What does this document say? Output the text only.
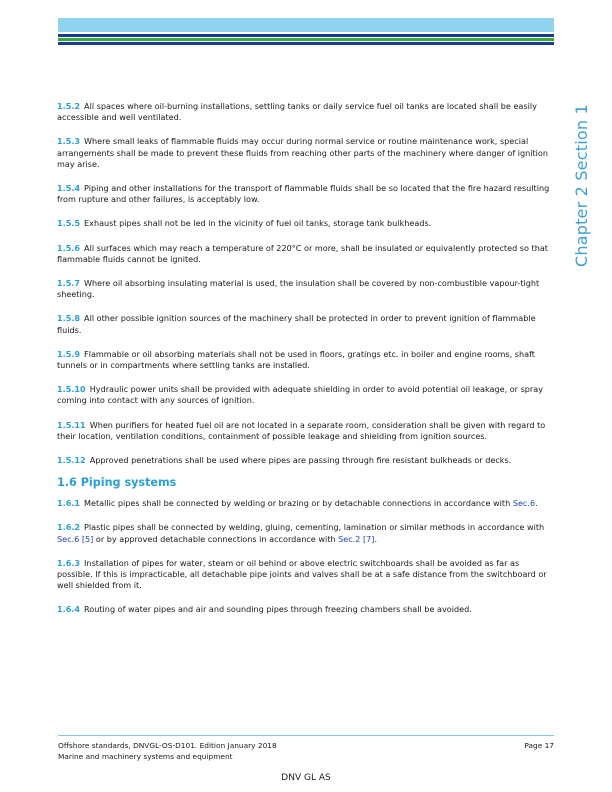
Chapter 2 Section 1

1.5.2 All spaces where oil-burning installations, settling tanks or daily service fuel oil tanks are located shall be easily accessible and well ventilated.

1.5.3 Where small leaks of flammable fluids may occur during normal service or routine maintenance work, special arrangements shall be made to prevent these fluids from reaching other parts of the machinery where danger of ignition may arise.

1.5.4 Piping and other installations for the transport of flammable fluids shall be so located that the fire hazard resulting from rupture and other failures, is acceptably low.

1.5.5 Exhaust pipes shall not be led in the vicinity of fuel oil tanks, storage tank bulkheads.

1.5.6 All surfaces which may reach a temperature of 220°C or more, shall be insulated or equivalently protected so that flammable fluids cannot be ignited.

1.5.7 Where oil absorbing insulating material is used, the insulation shall be covered by non-combustible vapour-tight sheeting.

1.5.8 All other possible ignition sources of the machinery shall be protected in order to prevent ignition of flammable fluids.

1.5.9 Flammable or oil absorbing materials shall not be used in floors, gratings etc. in boiler and engine rooms, shaft tunnels or in compartments where settling tanks are installed.

1.5.10 Hydraulic power units shall be provided with adequate shielding in order to avoid potential oil leakage, or spray coming into contact with any sources of ignition.

1.5.11 When purifiers for heated fuel oil are not located in a separate room, consideration shall be given with regard to their location, ventilation conditions, containment of possible leakage and shielding from ignition sources.

1.5.12 Approved penetrations shall be used where pipes are passing through fire resistant bulkheads or decks.

1.6 Piping systems

1.6.1 Metallic pipes shall be connected by welding or brazing or by detachable connections in accordance with Sec.6.

1.6.2 Plastic pipes shall be connected by welding, gluing, cementing, lamination or similar methods in accordance with Sec.6 [5] or by approved detachable connections in accordance with Sec.2 [7].

1.6.3 Installation of pipes for water, steam or oil behind or above electric switchboards shall be avoided as far as possible. If this is impracticable, all detachable pipe joints and valves shall be at a safe distance from the switchboard or well shielded from it.

1.6.4 Routing of water pipes and air and sounding pipes through freezing chambers shall be avoided.

Offshore standards, DNVGL-OS-D101. Edition January 2018
Marine and machinery systems and equipment
Page 17
DNV GL AS
